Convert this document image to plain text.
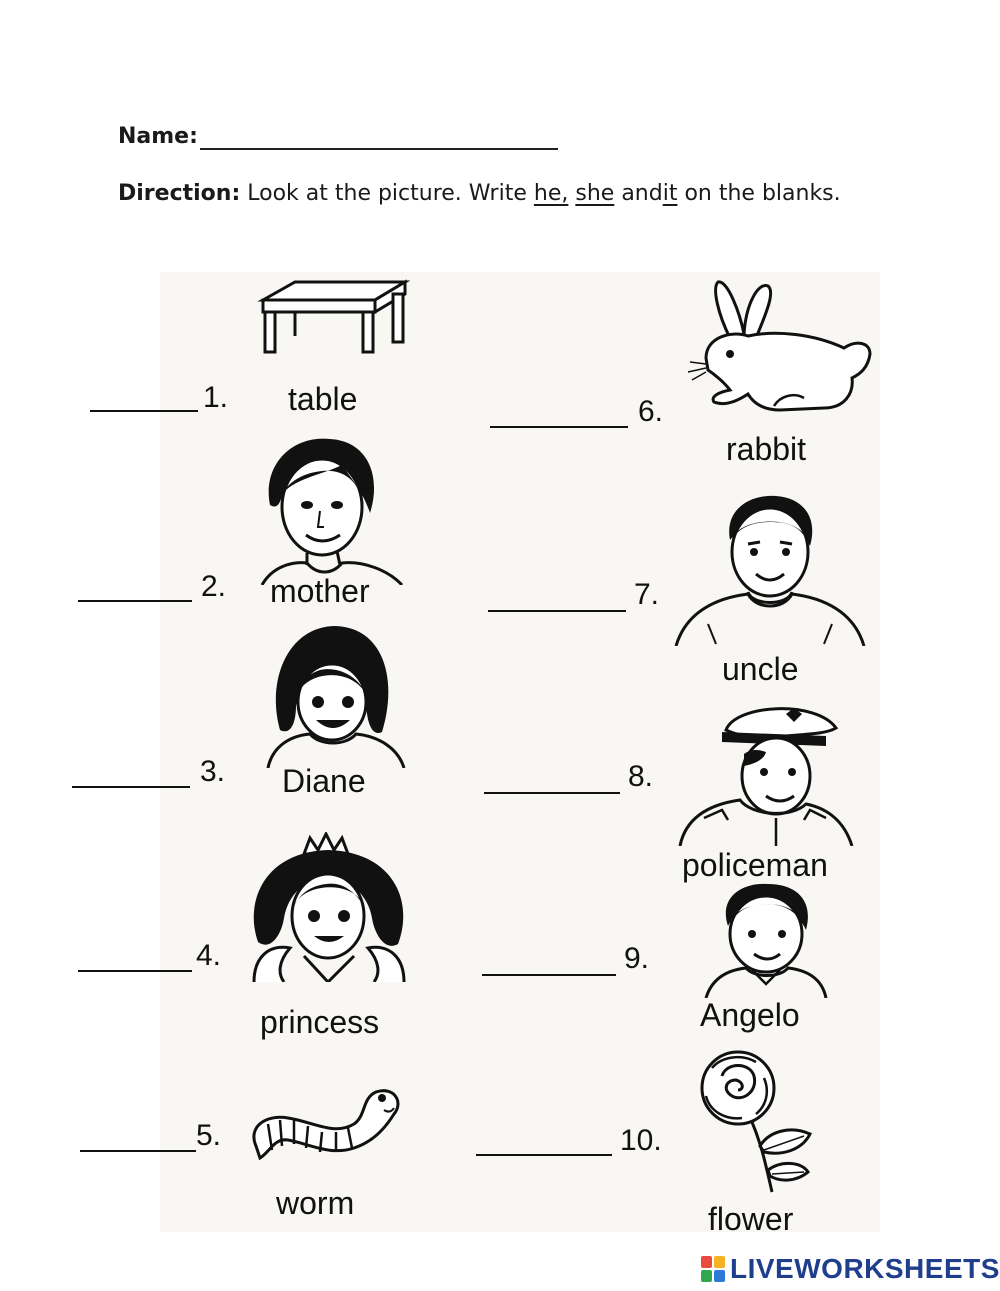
Name:
Direction: Look at the picture. Write he, she andit on the blanks.
1. table
2. mother
3. Diane
4.
princess
5.
worm
6.
rabbit
7.
uncle
8.
policeman
9.
Angelo
10.
flower
LIVEWORKSHEETS
